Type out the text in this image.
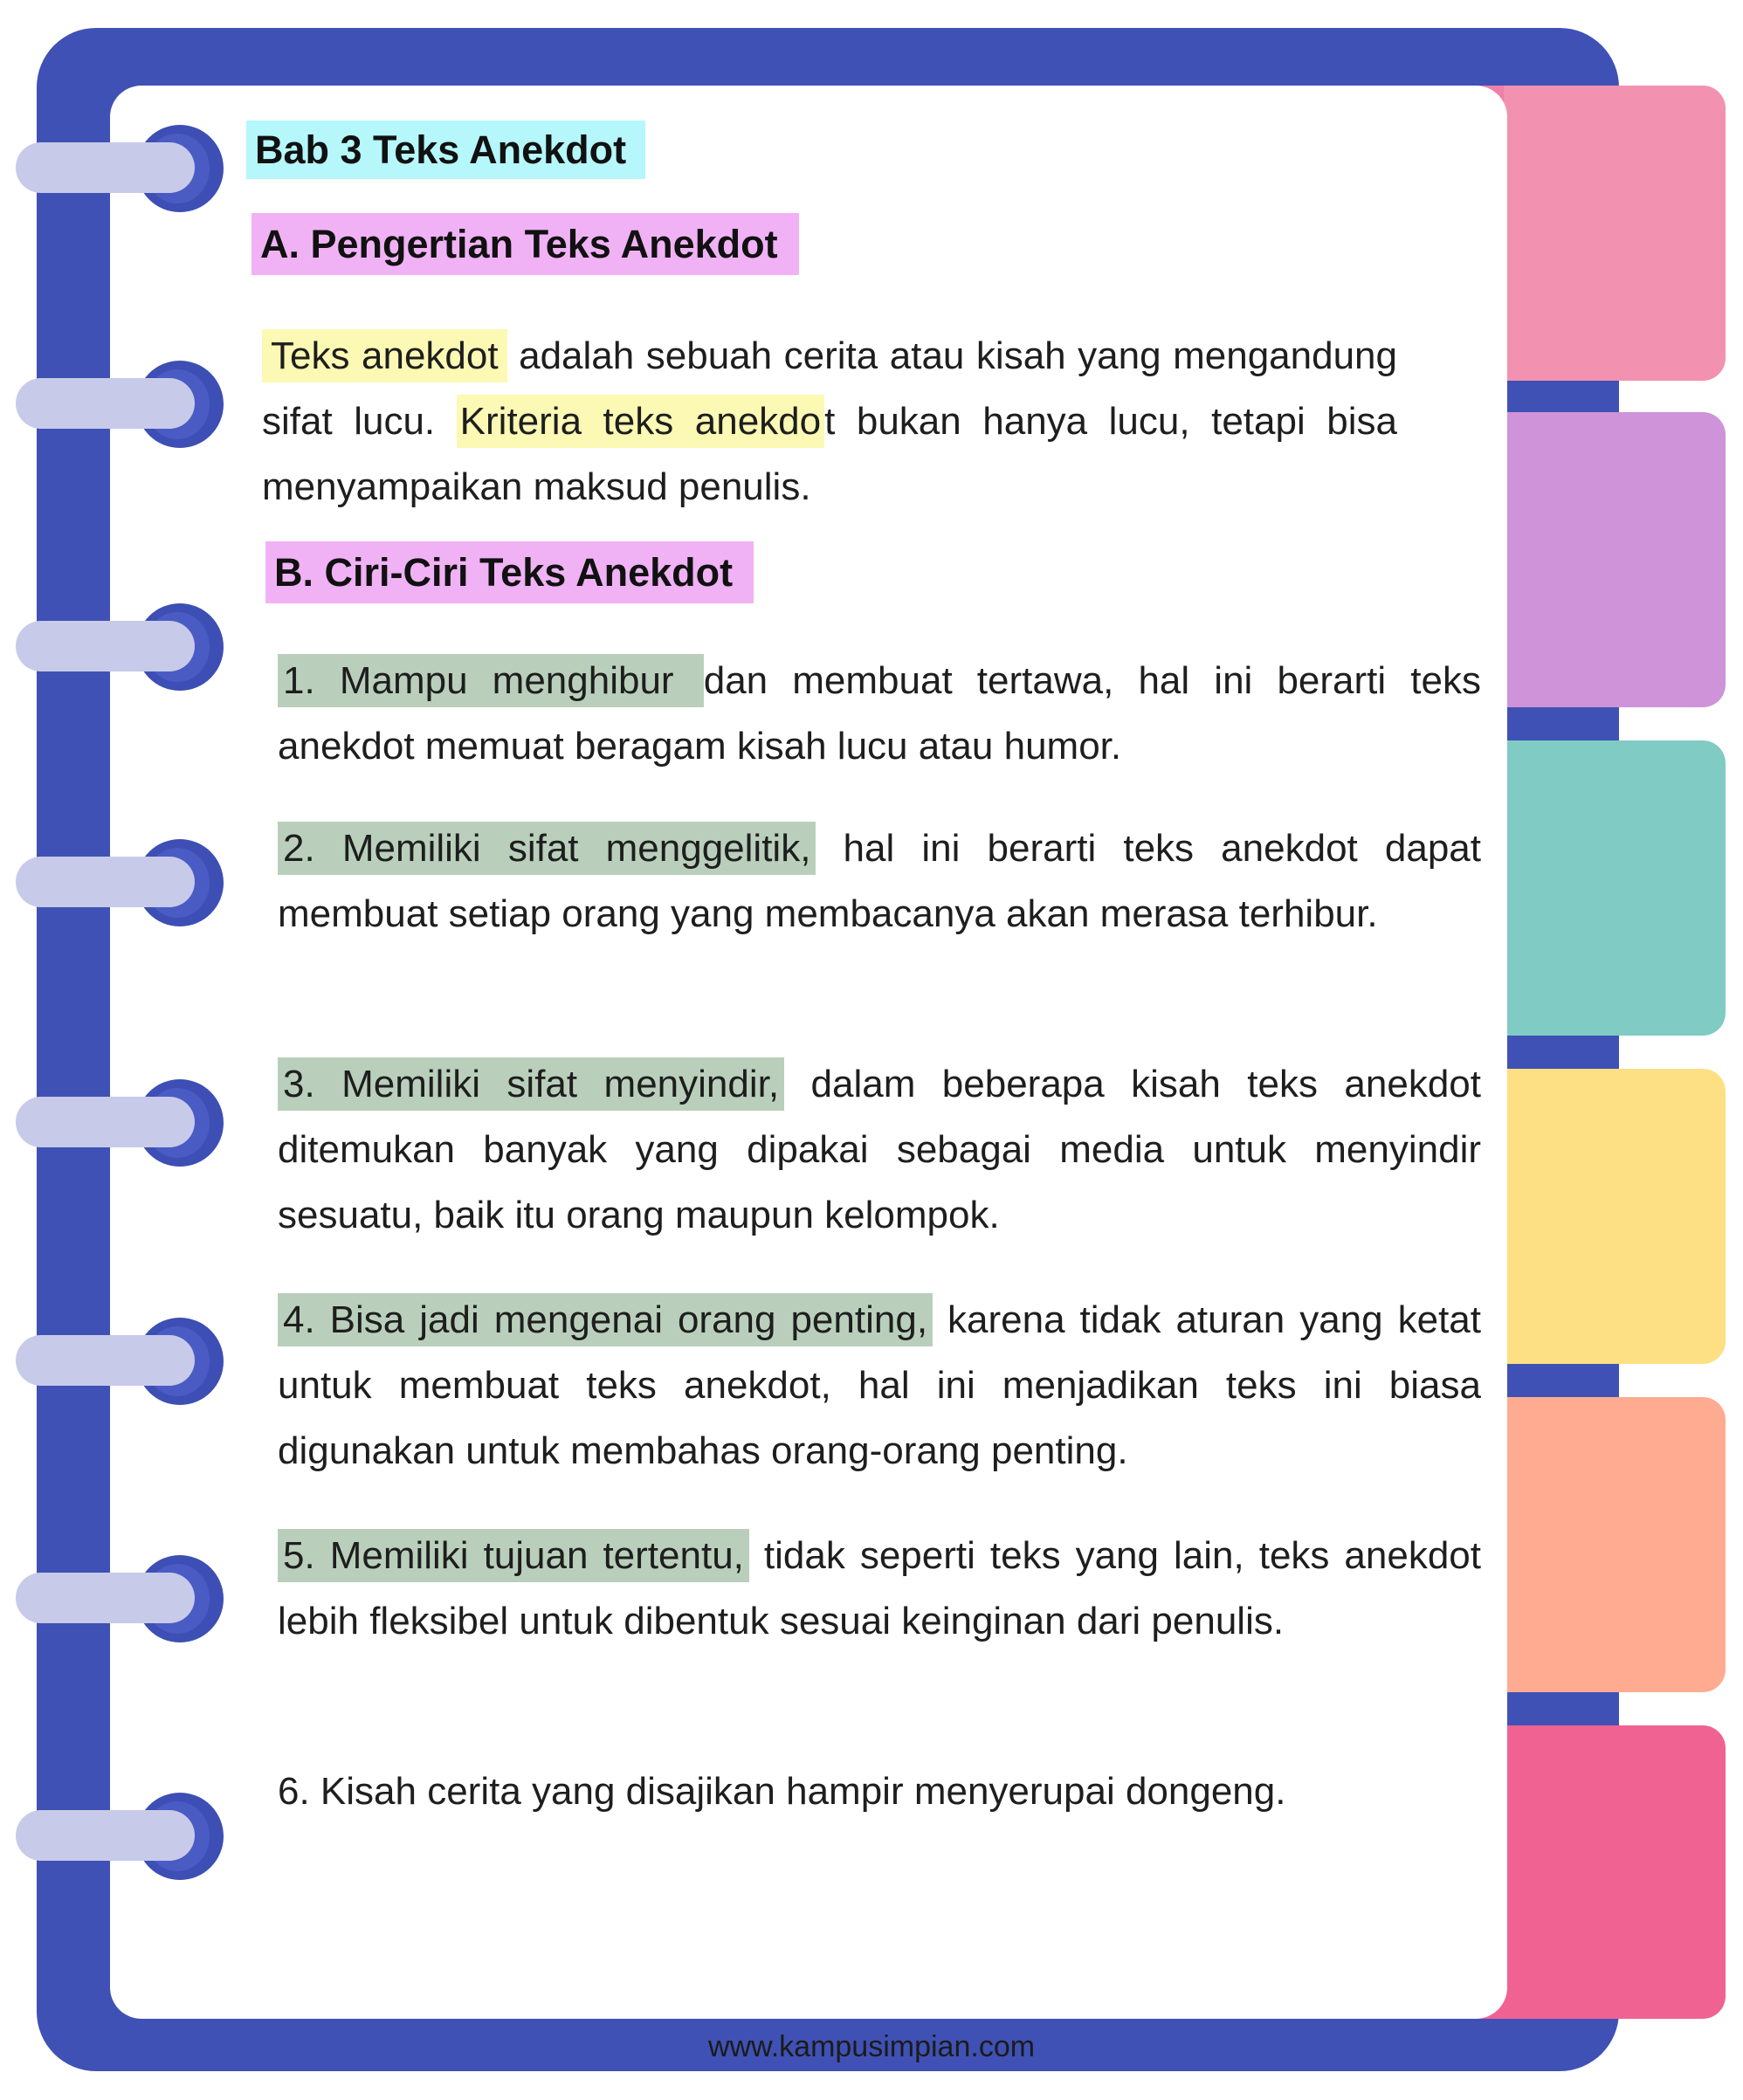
Bab 3 Teks Anekdot
A. Pengertian Teks Anekdot

Teks anekdot adalah sebuah cerita atau kisah yang mengandung sifat lucu. Kriteria teks anekdot bukan hanya lucu, tetapi bisa menyampaikan maksud penulis.

B. Ciri-Ciri Teks Anekdot

1. Mampu menghibur dan membuat tertawa, hal ini berarti teks anekdot memuat beragam kisah lucu atau humor.

2. Memiliki sifat menggelitik, hal ini berarti teks anekdot dapat membuat setiap orang yang membacanya akan merasa terhibur.

3. Memiliki sifat menyindir, dalam beberapa kisah teks anekdot ditemukan banyak yang dipakai sebagai media untuk menyindir sesuatu, baik itu orang maupun kelompok.

4. Bisa jadi mengenai orang penting, karena tidak aturan yang ketat untuk membuat teks anekdot, hal ini menjadikan teks ini biasa digunakan untuk membahas orang-orang penting.

5. Memiliki tujuan tertentu, tidak seperti teks yang lain, teks anekdot lebih fleksibel untuk dibentuk sesuai keinginan dari penulis.

6. Kisah cerita yang disajikan hampir menyerupai dongeng.

www.kampusimpian.com
